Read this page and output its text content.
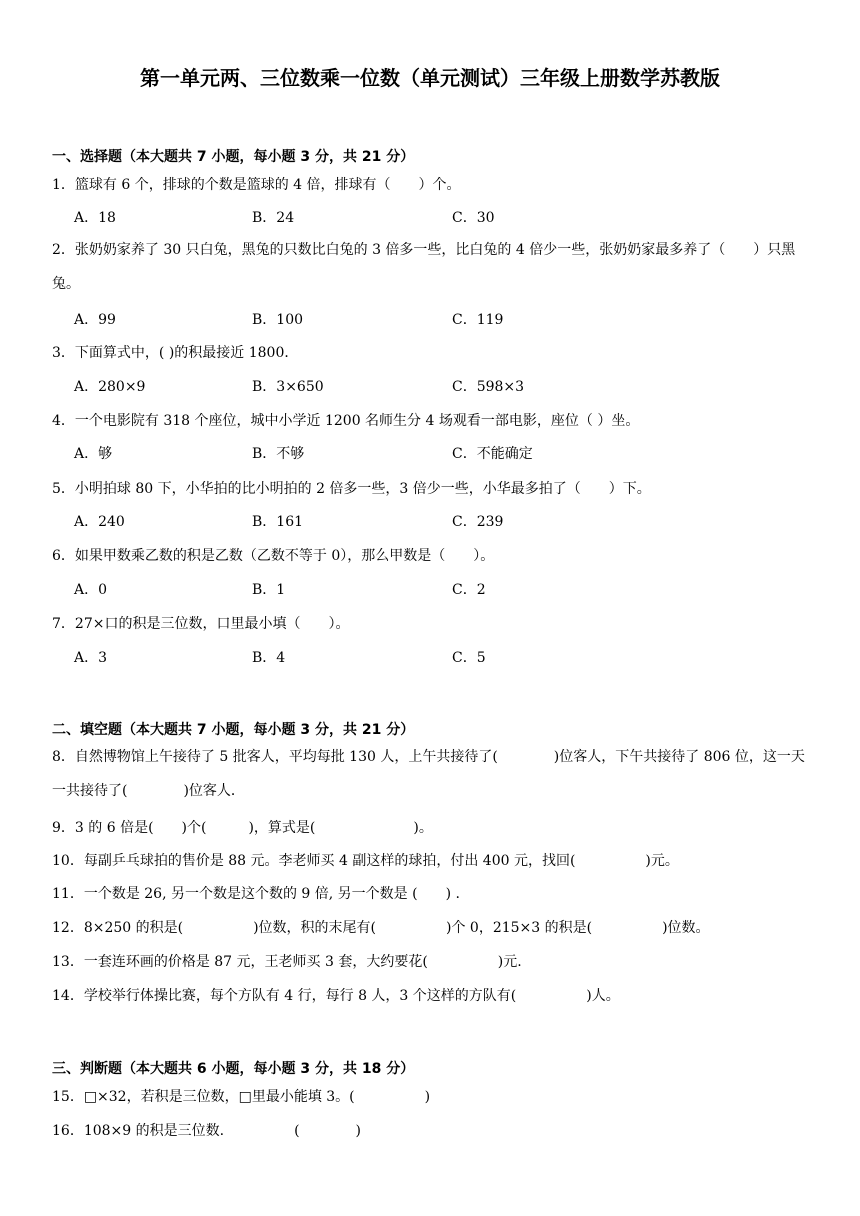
第一单元两、三位数乘一位数（单元测试）三年级上册数学苏教版
一、选择题（本大题共 7 小题，每小题 3 分，共 21 分）
1．篮球有 6 个，排球的个数是篮球的 4 倍，排球有（　　）个。
A．18	B．24	C．30
2．张奶奶家养了 30 只白兔，黑兔的只数比白兔的 3 倍多一些，比白兔的 4 倍少一些，张奶奶家最多养了（　　）只黑兔。
A．99	B．100	C．119
3．下面算式中，( )的积最接近 1800．
A．280×9	B．3×650	C．598×3
4．一个电影院有 318 个座位，城中小学近 1200 名师生分 4 场观看一部电影，座位（ ）坐。
A．够	B．不够	C．不能确定
5．小明拍球 80 下，小华拍的比小明拍的 2 倍多一些，3 倍少一些，小华最多拍了（　　）下。
A．240	B．161	C．239
6．如果甲数乘乙数的积是乙数（乙数不等于 0），那么甲数是（　　）。
A．0	B．1	C．2
7．27×口的积是三位数，口里最小填（　　）。
A．3	B．4	C．5
二、填空题（本大题共 7 小题，每小题 3 分，共 21 分）
8．自然博物馆上午接待了 5 批客人，平均每批 130 人，上午共接待了(　　　　)位客人，下午共接待了 806 位，这一天一共接待了(　　　　)位客人．
9．3 的 6 倍是(　　)个(　　　)，算式是(　　　　　　　)。
10．每副乒乓球拍的售价是 88 元。李老师买 4 副这样的球拍，付出 400 元，找回(　　　　　)元。
11．一个数是 26, 另一个数是这个数的 9 倍, 另一个数是 (　　) .
12．8×250 的积是(　　　　　)位数，积的末尾有(　　　　　)个 0，215×3 的积是(　　　　　)位数。
13．一套连环画的价格是 87 元，王老师买 3 套，大约要花(　　　　　)元.
14．学校举行体操比赛，每个方队有 4 行，每行 8 人，3 个这样的方队有(　　　　　)人。
三、判断题（本大题共 6 小题，每小题 3 分，共 18 分）
15．□×32，若积是三位数，□里最小能填 3。(　　　　　)
16．108×9 的积是三位数.　　　　　(　　　　)
